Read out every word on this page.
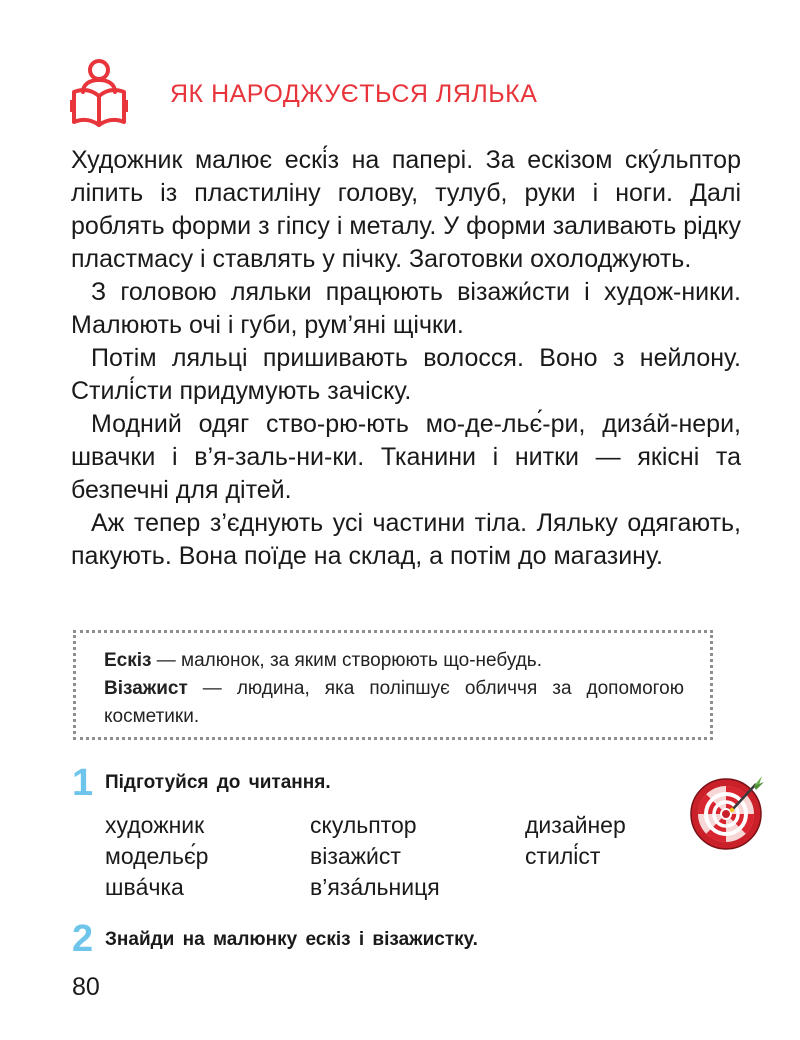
ЯК НАРОДЖУЄТЬСЯ ЛЯЛЬКА

Художник малює ескі́з на папері. За ескізом скýльптор ліпить із пластиліну голову, тулуб, руки і ноги. Далі роблять форми з гіпсу і металу. У форми заливають рідку пластмасу і ставлять у пічку. Заготовки охолоджують.

З головою ляльки працюють візажи́сти і худож-ники. Малюють очі і губи, рум’яні щічки.

Потім ляльці пришивають волосся. Воно з нейлону. Стилі́сти придумують зачіску.

Модний одяг ство-рю-ють мо-де-льє́-ри, дизáй-нери, швачки і в’я-заль-ни-ки. Тканини і нитки — якісні та безпечні для дітей.

Аж тепер з’єднують усі частини тіла. Ляльку одягають, пакують. Вона поїде на склад, а потім до магазину.

Ескіз — малюнок, за яким створюють що-небудь.

Візажист — людина, яка поліпшує обличчя за допомогою косметики.

1 Підготуйся до читання.
художник	скульптор	дизайнер
модельє́р	візажи́ст	стилі́ст
швáчка	в’язáльниця
2 Знайди на малюнку ескіз і візажистку.
80
